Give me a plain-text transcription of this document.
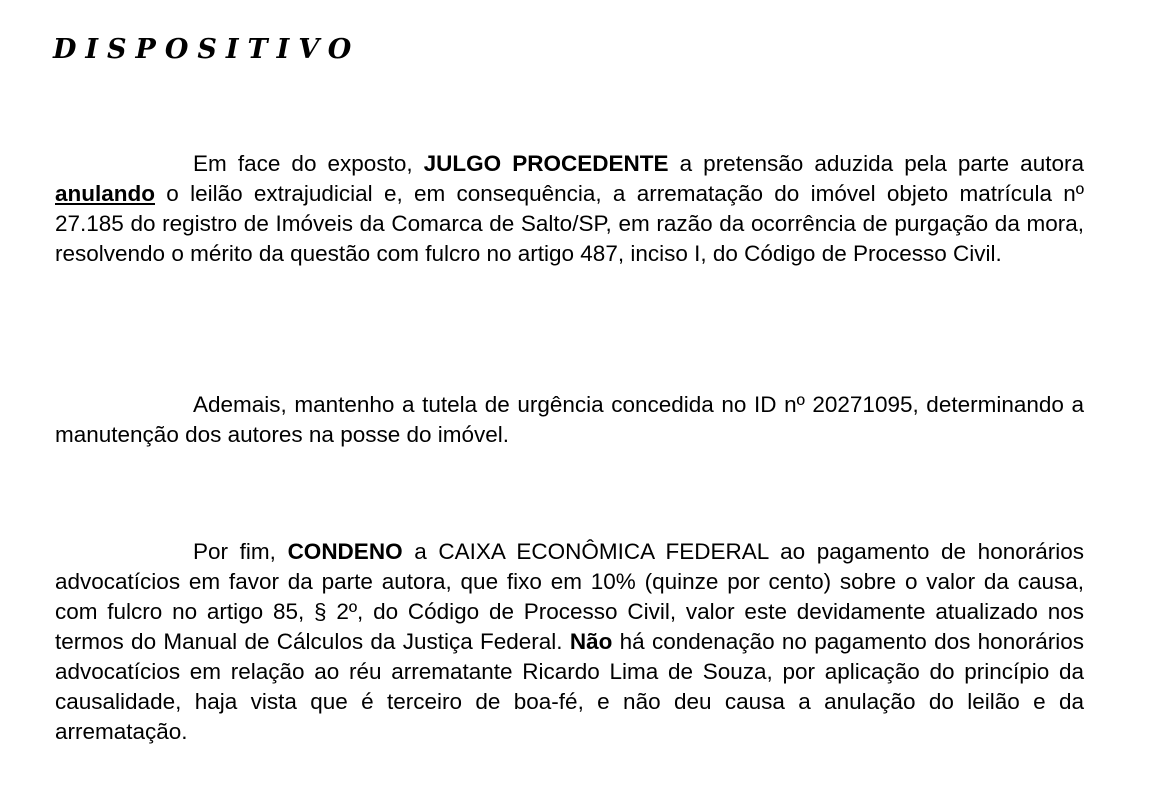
DISPOSITIVO

Em face do exposto, JULGO PROCEDENTE a pretensão aduzida pela parte autora anulando o leilão extrajudicial e, em consequência, a arrematação do imóvel objeto matrícula nº 27.185 do registro de Imóveis da Comarca de Salto/SP, em razão da ocorrência de purgação da mora, resolvendo o mérito da questão com fulcro no artigo 487, inciso I, do Código de Processo Civil.

Ademais, mantenho a tutela de urgência concedida no ID nº 20271095, determinando a manutenção dos autores na posse do imóvel.

Por fim, CONDENO a CAIXA ECONÔMICA FEDERAL ao pagamento de honorários advocatícios em favor da parte autora, que fixo em 10% (quinze por cento) sobre o valor da causa, com fulcro no artigo 85, § 2º, do Código de Processo Civil, valor este devidamente atualizado nos termos do Manual de Cálculos da Justiça Federal. Não há condenação no pagamento dos honorários advocatícios em relação ao réu arrematante Ricardo Lima de Souza, por aplicação do princípio da causalidade, haja vista que é terceiro de boa-fé, e não deu causa a anulação do leilão e da arrematação.
